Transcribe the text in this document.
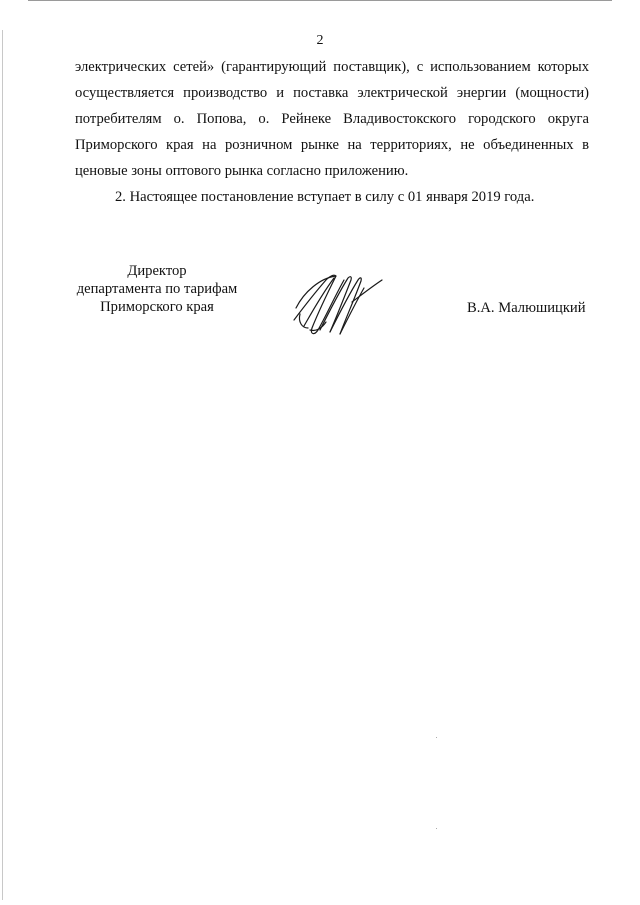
2
электрических сетей» (гарантирующий поставщик), с использованием которых
осуществляется производство и поставка электрической энергии (мощности)
потребителям о. Попова, о. Рейнеке Владивостокского городского округа
Приморского края на розничном рынке на территориях, не объединенных в
ценовые зоны оптового рынка согласно приложению.
2. Настоящее постановление вступает в силу с 01 января 2019 года.
Директор
департамента по тарифам
Приморского края	В.А. Малюшицкий
